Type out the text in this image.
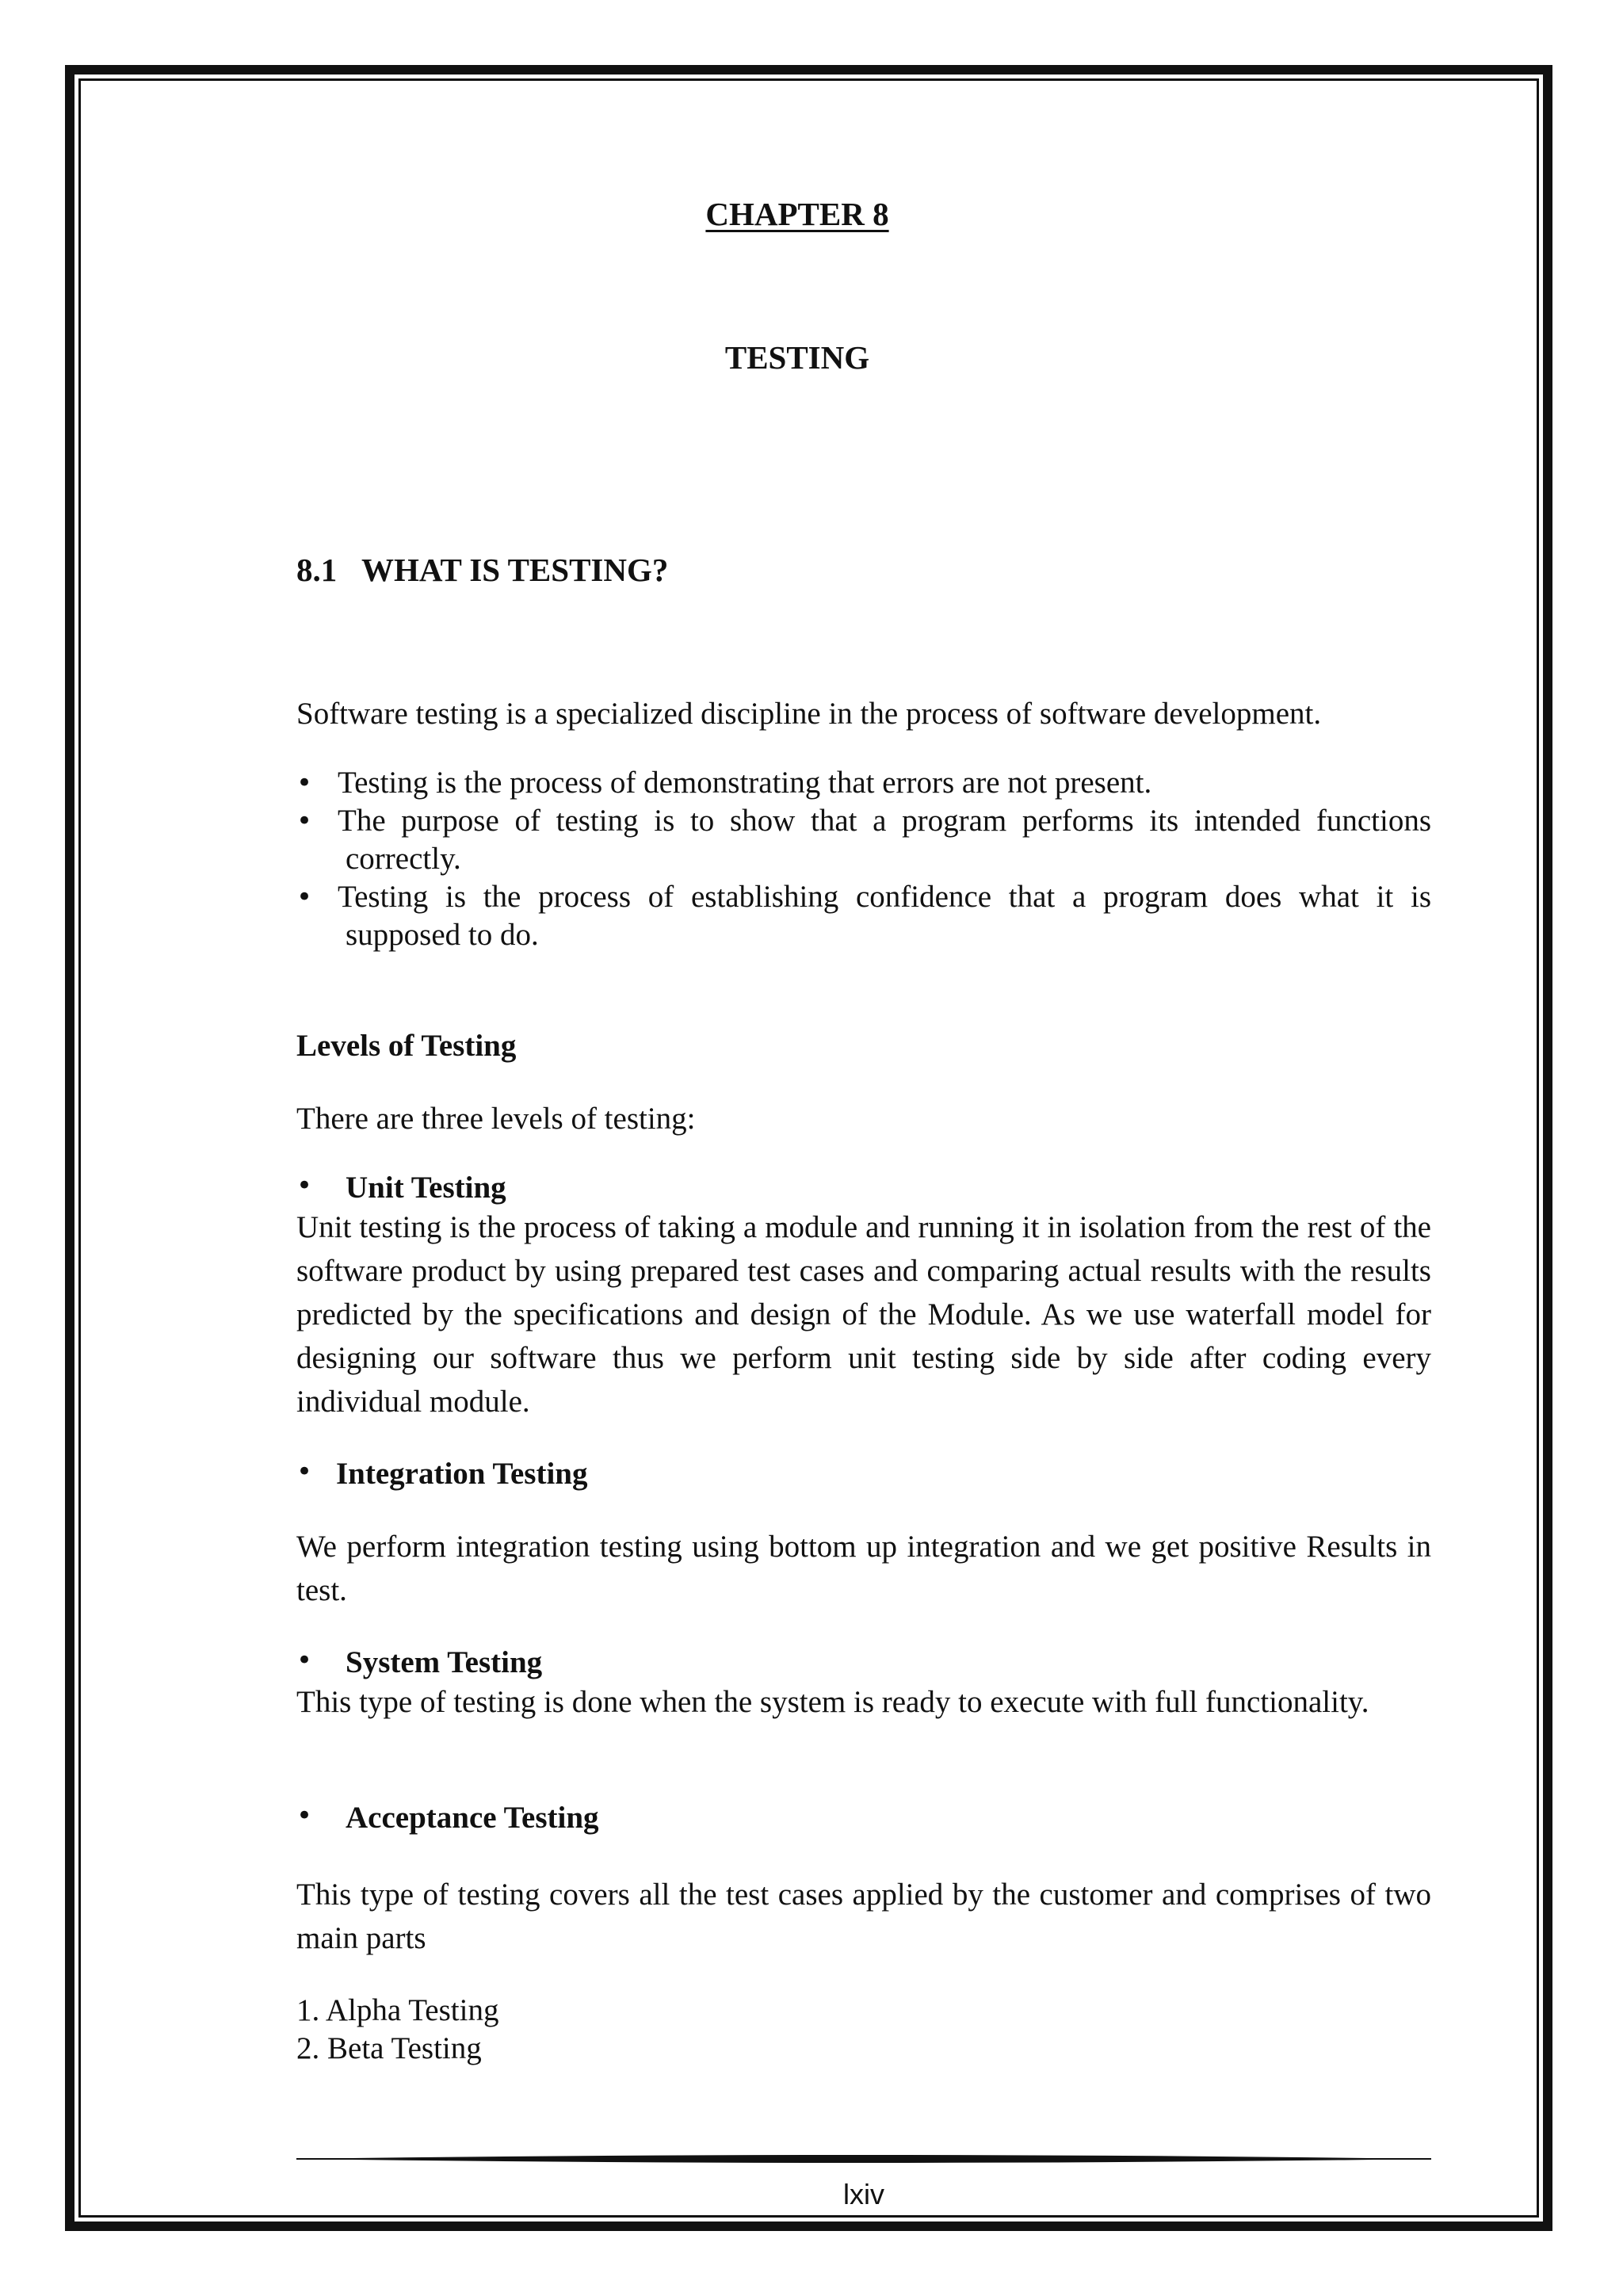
CHAPTER 8
TESTING
8.1 WHAT IS TESTING?

Software testing is a specialized discipline in the process of software development.

• Testing is the process of demonstrating that errors are not present.
• The purpose of testing is to show that a program performs its intended functions
correctly.
• Testing is the process of establishing confidence that a program does what it is
supposed to do.
Levels of Testing

There are three levels of testing:

• Unit Testing

Unit testing is the process of taking a module and running it in isolation from the rest of the software product by using prepared test cases and comparing actual results with the results predicted by the specifications and design of the Module. As we use waterfall model for designing our software thus we perform unit testing side by side after coding every individual module.

• Integration Testing

We perform integration testing using bottom up integration and we get positive Results in test.

• System Testing

This type of testing is done when the system is ready to execute with full functionality.

• Acceptance Testing

This type of testing covers all the test cases applied by the customer and comprises of two main parts

1. Alpha Testing

2. Beta Testing

lxiv
